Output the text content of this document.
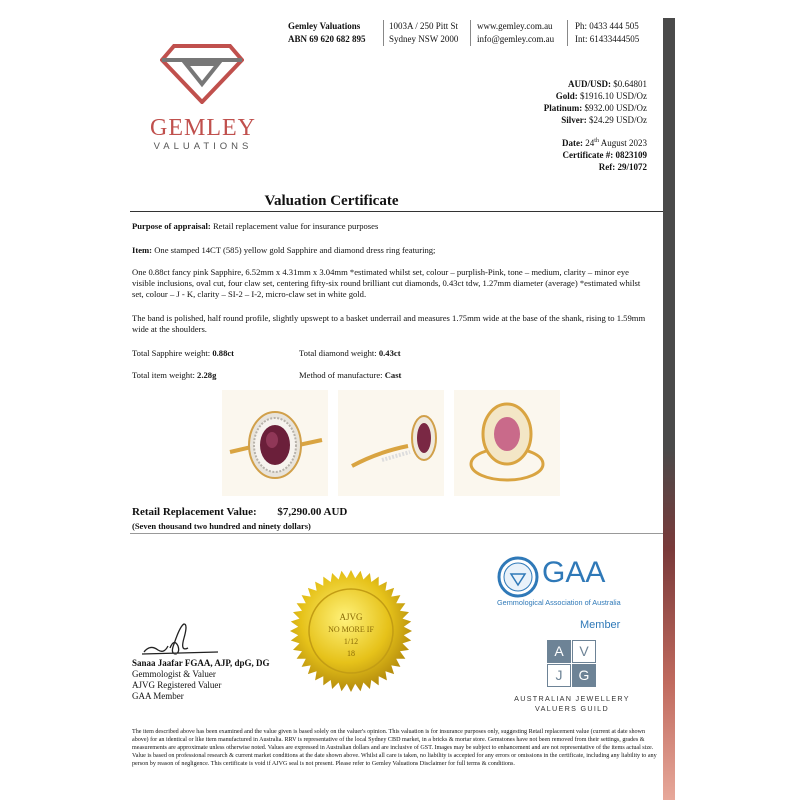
Gemley Valuations
ABN 69 620 682 895
1003A / 250 Pitt St
Sydney NSW 2000
www.gemley.com.au
info@gemley.com.au
Ph: 0433 444 505
Int: 61433444505
GEMLEY
VALUATIONS
AUD/USD: $0.64801
Gold: $1916.10 USD/Oz
Platinum: $932.00 USD/Oz
Silver: $24.29 USD/Oz
Date: 24th August 2023
Certificate #: 0823109
Ref: 29/1072
Valuation Certificate
Purpose of appraisal: Retail replacement value for insurance purposes
Item: One stamped 14CT (585) yellow gold Sapphire and diamond dress ring featuring;
One 0.88ct fancy pink Sapphire, 6.52mm x 4.31mm x 3.04mm *estimated whilst set, colour – purplish-Pink, tone – medium, clarity – minor eye visible inclusions, oval cut, four claw set, centering fifty-six round brilliant cut diamonds, 0.43ct tdw, 1.27mm diameter (average) *estimated whilst set, colour – J - K, clarity – SI-2 – I-2, micro-claw set in white gold.
The band is polished, half round profile, slightly upswept to a basket underrail and measures 1.75mm wide at the base of the shank, rising to 1.59mm wide at the shoulders.
Total Sapphire weight: 0.88ct	Total diamond weight: 0.43ct
Total item weight: 2.28g	Method of manufacture: Cast
Retail Replacement Value: $7,290.00 AUD
(Seven thousand two hundred and ninety dollars)
AJVG
NO MORE IF
1/12
18
GAA
Gemmological Association of Australia
Member
A	V
J	G
AUSTRALIAN JEWELLERY
VALUERS GUILD
Sanaa Jaafar FGAA, AJP, dpG, DG
Gemmologist & Valuer
AJVG Registered Valuer
GAA Member
The item described above has been examined and the value given is based solely on the valuer's opinion. This valuation is for insurance purposes only, suggesting Retail replacement value (current at date shown above) for an identical or like item manufactured in Australia. RRV is representative of the local Sydney CBD market, in a bricks & mortar store. Gemstones have not been removed from their settings, grades & measurements are approximate unless otherwise noted. Values are expressed in Australian dollars and are inclusive of GST. Images may be subject to enhancement and are not representative of the items actual size. Value is based on professional research & current market conditions at the date shown above. Whilst all care is taken, no liability is accepted for any errors or omissions in the certificate, including any liability to any person by reason of negligence. This certificate is void if AJVG seal is not present. Please refer to Gemley Valuations Disclaimer for full terms & conditions.
